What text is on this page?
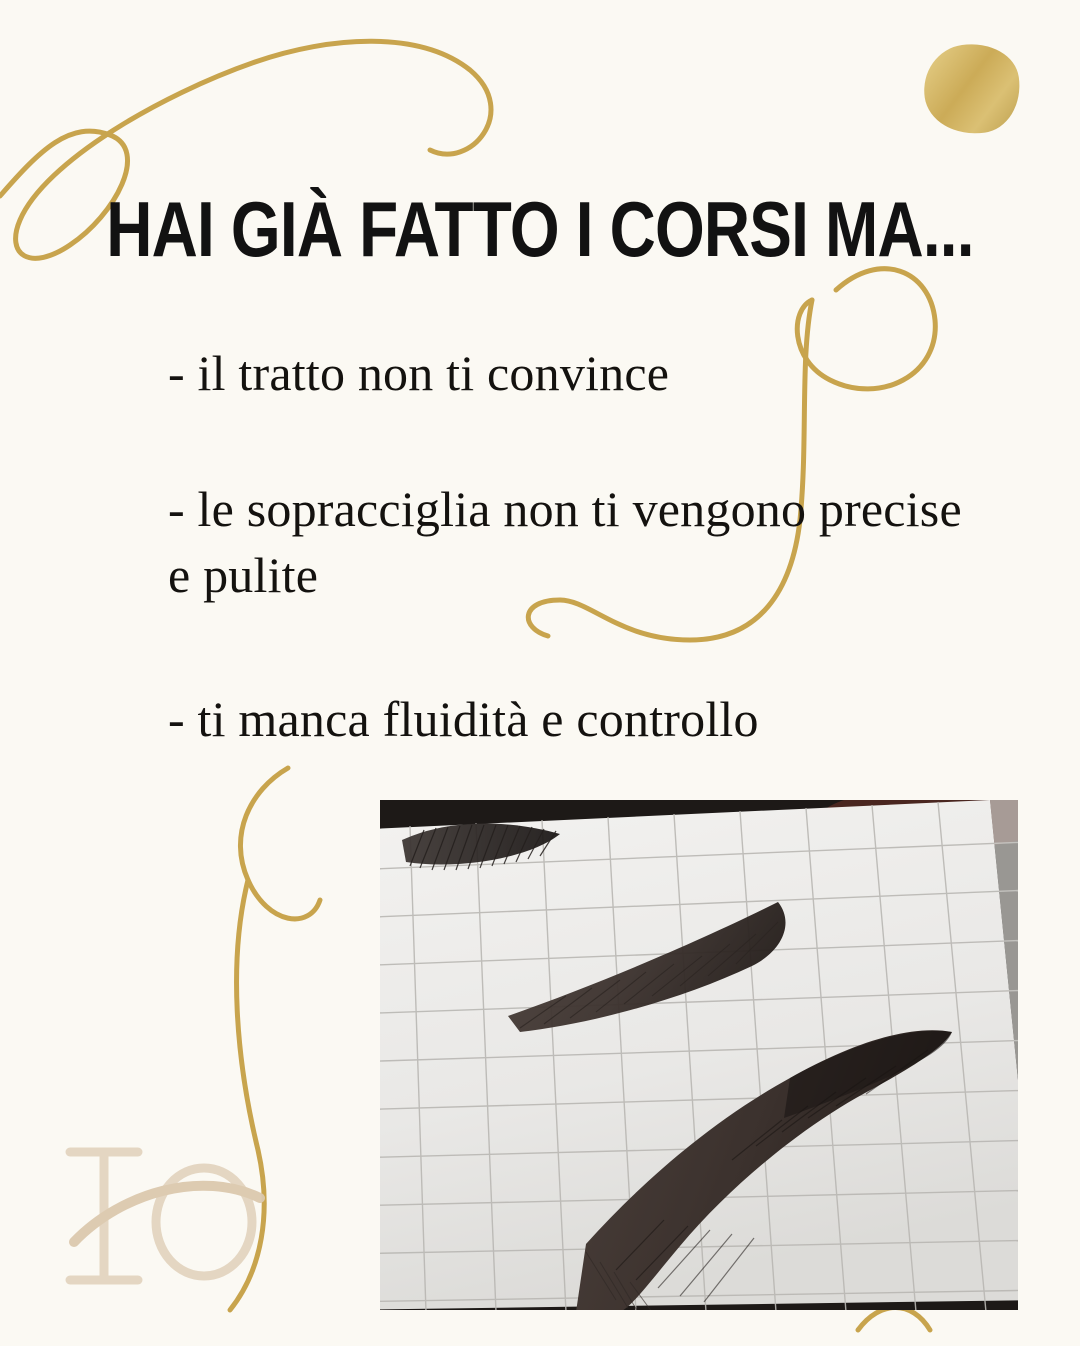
HAI GIÀ FATTO I CORSI MA...
- il tratto non ti convince
- le sopracciglia non ti vengono precise e pulite
- ti manca fluidità e controllo
